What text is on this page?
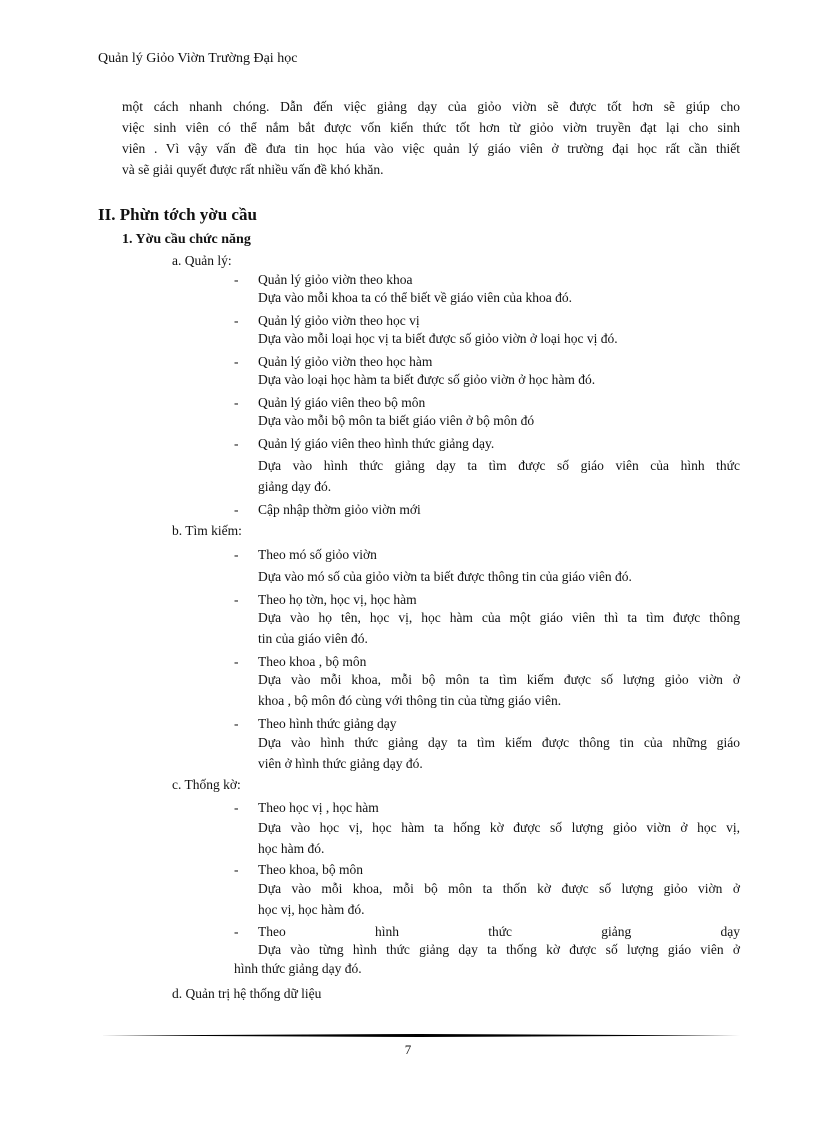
Quản lý Giỏo Viờn Trường Đại học
một cách nhanh chóng. Dẫn đến việc giảng dạy của giỏo viờn sẽ được tốt hơn sẽ giúp cho
việc sinh viên có thể nắm bắt được vốn kiến thức tốt hơn từ giỏo viờn truyền đạt lại cho sinh
viên . Vì vậy vấn đề đưa tin học húa vào việc quản lý giáo viên ở trường đại học rất cần thiết
và sẽ giải quyết được rất nhiều vấn đề khó khăn.
II. Phừn tớch yờu cầu
1. Yờu cầu chức năng
a. Quản lý:
- Quản lý giỏo viờn theo khoa
Dựa vào mỗi khoa ta có thể biết về giáo viên của khoa đó.
- Quản lý giỏo viờn theo học vị
Dựa vào mỗi loại học vị ta biết được số giỏo viờn ở loại học vị đó.
- Quản lý giỏo viờn theo học hàm
Dựa vào loại học hàm ta biết được số giỏo viờn ở học hàm đó.
- Quản lý giáo viên theo bộ môn
Dựa vào mỗi bộ môn ta biết giáo viên ở bộ môn đó
- Quản lý giáo viên theo hình thức giảng dạy.
Dựa vào hình thức giảng dạy ta tìm được số giáo viên của hình thức
giảng dạy đó.
- Cập nhập thờm giỏo viờn mới
b. Tìm kiếm:
- Theo mó số giỏo viờn
Dựa vào mó số của giỏo viờn ta biết được thông tin của giáo viên đó.
- Theo họ tờn, học vị, học hàm
Dựa vào họ tên, học vị, học hàm của một giáo viên thì ta tìm được thông
tin của giáo viên đó.
- Theo khoa , bộ môn
Dựa vào mỗi khoa, mỗi bộ môn ta tìm kiếm được số lượng giỏo viờn ở
khoa , bộ môn đó cùng với thông tin của từng giáo viên.
- Theo hình thức giảng dạy
Dựa vào hình thức giảng dạy ta tìm kiếm được thông tin của những giáo
viên ở hình thức giảng dạy đó.
c. Thống kờ:
- Theo học vị , học hàm
Dựa vào học vị, học hàm ta hống kờ được số lượng giỏo viờn ở học vị,
học hàm đó.
- Theo khoa, bộ môn
Dựa vào mỗi khoa, mỗi bộ môn ta thốn kờ được số lượng giỏo viờn ở
học vị, học hàm đó.
- Theo	hình	thức	giảng	dạy
Dựa vào từng hình thức giảng dạy ta thống kờ được số lượng giáo viên ở
hình thức giảng dạy đó.
d. Quản trị hệ thống dữ liệu
7
